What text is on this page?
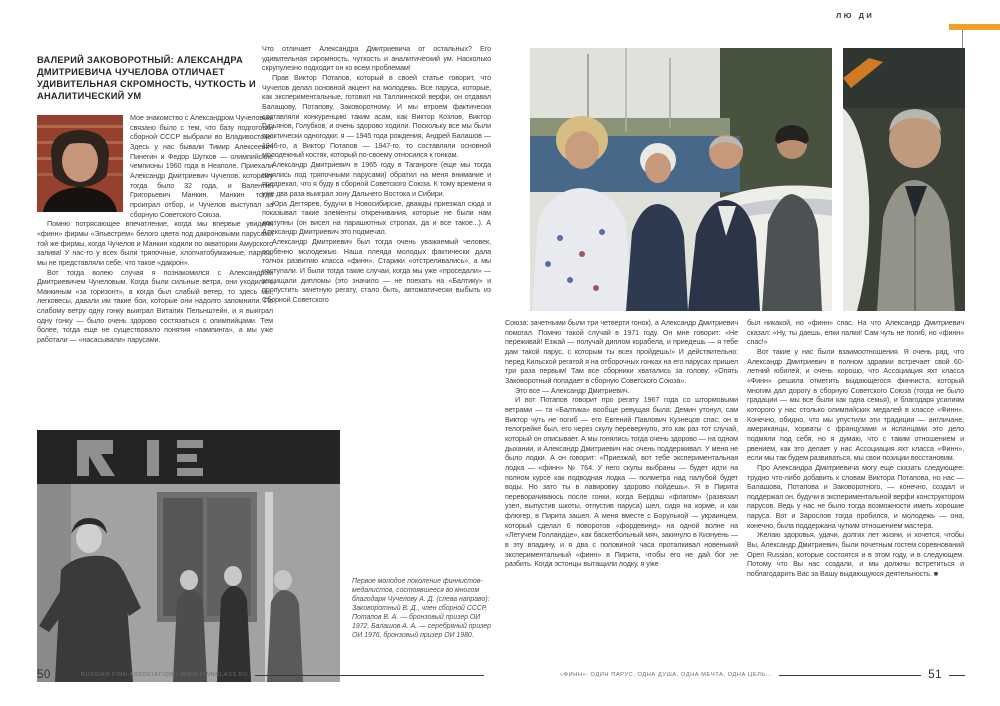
ЛЮ ДИ
ВАЛЕРИЙ ЗАКОВОРОТНЫЙ: АЛЕКСАНДРА ДМИТРИЕВИЧА ЧУЧЕЛОВА ОТЛИЧАЕТ УДИВИТЕЛЬНАЯ СКРОМНОСТЬ, ЧУТКОСТЬ И АНАЛИТИЧЕСКИЙ УМ

Мое знакомство с Александром Чучеловым связано было с тем, что базу подготовки сборной СССР выбрали во Владивостоке. Здесь у нас бывали Тимир Алексеевич Пинегин и Федор Шутков — олимпийские чемпионы 1960 года в Неаполе. Приехали Александр Дмитриевич Чучелов, которому тогда было 32 года, и Валентин Григорьевич Манкин. Манкин тогда проиграл отбор, и Чучелов выступал за сборную Советского Союза.

Помню потрясающее впечатление, когда мы впервые увидели «финн» фирмы «Эльвстрем» белого цвета под дакроновыми парусами той же фирмы, когда Чучелов и Манкин ходили по акватории Амурского залива! У нас-то у всех были тряпочные, хлопчатобумажные, паруса, мы не представляли себе, что такое «дакрон».

Вот тогда волею случая я познакомился с Александром Дмитриевичем Чучеловым. Когда были сильные ветра, они уходили с Манкиным «за горизонт», а когда был слабый ветер, то здесь мы, легковесы, давали им такие бои, которые они надолго запомнили. По слабому ветру одну гонку выиграл Виталик Пельнштейн, и я выиграл одну гонку — было очень здорово состязаться с олимпийцами. Тем более, тогда еще не существовало понятия «пампинга», а мы уже работали — «насасывали» парусами.

Что отличает Александра Дмитриевича от остальных? Его удивительная скромность, чуткость и аналитический ум. Насколько скрупулезно подходит он ко всем проблемам!

Прав Виктор Потапов, который в своей статье говорит, что Чучелов делал основной акцент на молодежь. Все паруса, которые, как экспериментальные, готовил на Таллиннской верфи, он отдавал Балашову, Потапову, Заковоротному. И мы втроем фактически составляли конкуренцию таким асам, как Виктор Козлов, Виктор Гурьянов, Голубков, и очень здорово ходили. Поскольку все мы были практически одногодки: я — 1945 года рождения, Андрей Балашов — 1946-го, а Виктор Потапов — 1947-го, то составляли основной молодежный костяк, который по-своему относился к гонкам.

Александр Дмитриевич в 1965 году в Таганроге (еще мы тогда гонялись под тряпочными парусами) обратил на меня внимание и предрекал, что я буду в сборной Советского Союза. К тому времени я уже два раза выиграл зону Дальнего Востока и Сибири.

Юра Дегтярев, будучи в Новосибирске, дважды приезжал сюда и показывал такие элементы откренивания, которые не были нам доступны (он висел на парашютных стропах, да и все такое...). А Александр Дмитриевич это подмечал.

Александр Дмитриевич был тогда очень уважаемый человек, особенно молодежью. Наша плеяда молодых фактически дала толчок развитию класса «финн». Старики «отстреливались», а мы наступали. И были тогда такие случаи, когда мы уже «проседали» — защищали дипломы (это значило — не поехать на «Балтику» и пропустить зачетную регату, стало быть, автоматически выбыть из Сборной Советского

Первое молодое поколение финнистов-медалистов, состоявшееся во многом благодаря Чучелову А. Д. (слева направо): Заковоротный В. Д., член сборной СССР, Потапов В. А. — бронзовый призер ОИ 1972, Балашов А. А. — серебряный призер ОИ 1976, бронзовый призер ОИ 1980.

Союза: зачетными были три четверти гонок), а Александр Дмитриевич помогал. Помню такой случай в 1971 году. Он мне говорит: «Не переживай! Езжай — получай диплом корабела, и приедешь — я тебе дам такой парус, с которым ты всех пройдешь!» И действительно: перед Кильской регатой я на отборочных гонках на его парусах пришел три раза первым! Там все сборники хватались за голову: «Опять Заковоротный попадает в сборную Советского Союза».

Это все — Александр Дмитриевич.

И вот Потапов говорит про регату 1967 года со штормовыми ветрами — та «Балтика» вообще ревущая была: Демин утонул, сам Виктор чуть не погиб — его Евгений Павлович Кузнецов спас; он в телогрейке был, его через скулу перевернуло, это как раз тот случай, который он описывает. А мы гонялись тогда очень здорово — на одном дыхании, и Александр Дмитриевич нас очень поддерживал. У меня не было лодки. А он говорит: «Приезжай, вот тебе экспериментальная лодка — «финн» № 764. У него скулы выбраны — будет идти на полном курсе как подводная лодка — полметра над палубой будет воды. Но зато ты в лавировку здорово пойдешь». Я в Пирита переворачиваюсь после гонки, когда Бердаш «флагом» (развязал узел, выпустив шкоты, отпустив паруса) шел, сидя на корме, и как флюгер, в Пирита зашел. А меня вместе с Борулькой — украинцем, который сделал 6 поворотов «фордевинд» на одной волне на «Летучем Голландце», как баскетбольный мяч, закинуло в Кизнуень — в эту впадину, и я два с половиной часа проталкивал новенький экспериментальный «финн» в Пирита, чтобы его не дай бог не разбить. Когда эстонцы вытащили лодку, я уже

был никакой, но «финн» спас. На что Александр Дмитриевич сказал: «Ну, ты даешь, елки палки! Сам чуть не погиб, но «финн» спас!»

Вот такие у нас были взаимоотношения. Я очень рад, что Александр Дмитриевич в полном здравии встречает свой 60-летний юбилей, и очень хорошо, что Ассоциация яхт класса «Финн» решила отметить выдающегося финниста, который многим дал дорогу в сборную Советского Союза (тогда не было градации — мы все были как одна семья), и благодаря усилиям которого у нас столько олимпийских медалей в классе «Финн». Конечно, обидно, что мы упустили эти традиции — англичане, американцы, хорваты с французами и испанцами это дело подмяли под себя, но я думаю, что с таким отношением и рвением, как это делает у нас Ассоциация яхт класса «Финн», если мы так будем развиваться, мы свои позиции восстановим.

Про Александра Дмитриевича могу еще сказать следующее: трудно что-либо добавить к словам Виктора Потапова, но нас — Балашова, Потапова и Заковоротного, — конечно, создал и поддержал он, будучи в экспериментальной верфи конструктором парусов. Ведь у нас не было тогда возможности иметь хорошие паруса. Вот и Зарослов тогда пробился, и молодежь — она, конечно, была поддержана чутким отношением мастера.

Желаю здоровья, удачи, долгих лет жизни, и хочется, чтобы Вы, Александр Дмитриевич, были почетным гостем соревнований Open Russian, которые состоятся и в этом году, и в следующем. Потому что Вы нас создали, и мы должны встретиться и поблагодарить Вас за Вашу выдающуюся деятельность. ■

50	RUSSIAN FINN ASSOCIATION / WWW.FINNCLASS.RU	«ФИНН»: ОДИН ПАРУС, ОДНА ДУША, ОДНА МЕЧТА, ОДНА ЦЕЛЬ...	51
